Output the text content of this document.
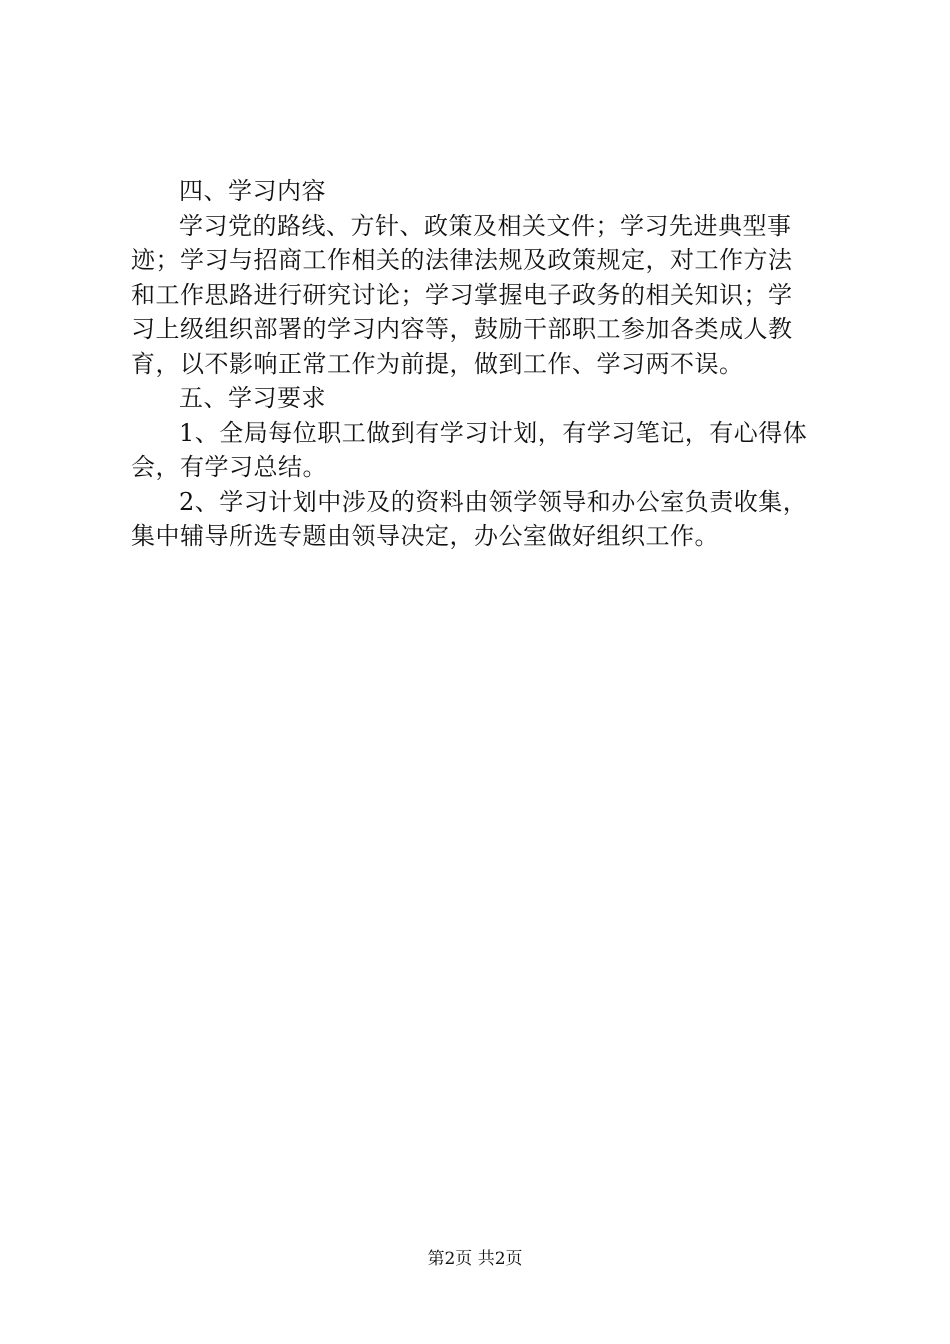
四、学习内容
学习党的路线、方针、政策及相关文件；学习先进典型事
迹；学习与招商工作相关的法律法规及政策规定，对工作方法
和工作思路进行研究讨论；学习掌握电子政务的相关知识；学
习上级组织部署的学习内容等，鼓励干部职工参加各类成人教
育，以不影响正常工作为前提，做到工作、学习两不误。
五、学习要求
1、全局每位职工做到有学习计划，有学习笔记，有心得体
会，有学习总结。
2、学习计划中涉及的资料由领学领导和办公室负责收集，
集中辅导所选专题由领导决定，办公室做好组织工作。
第2页 共2页
